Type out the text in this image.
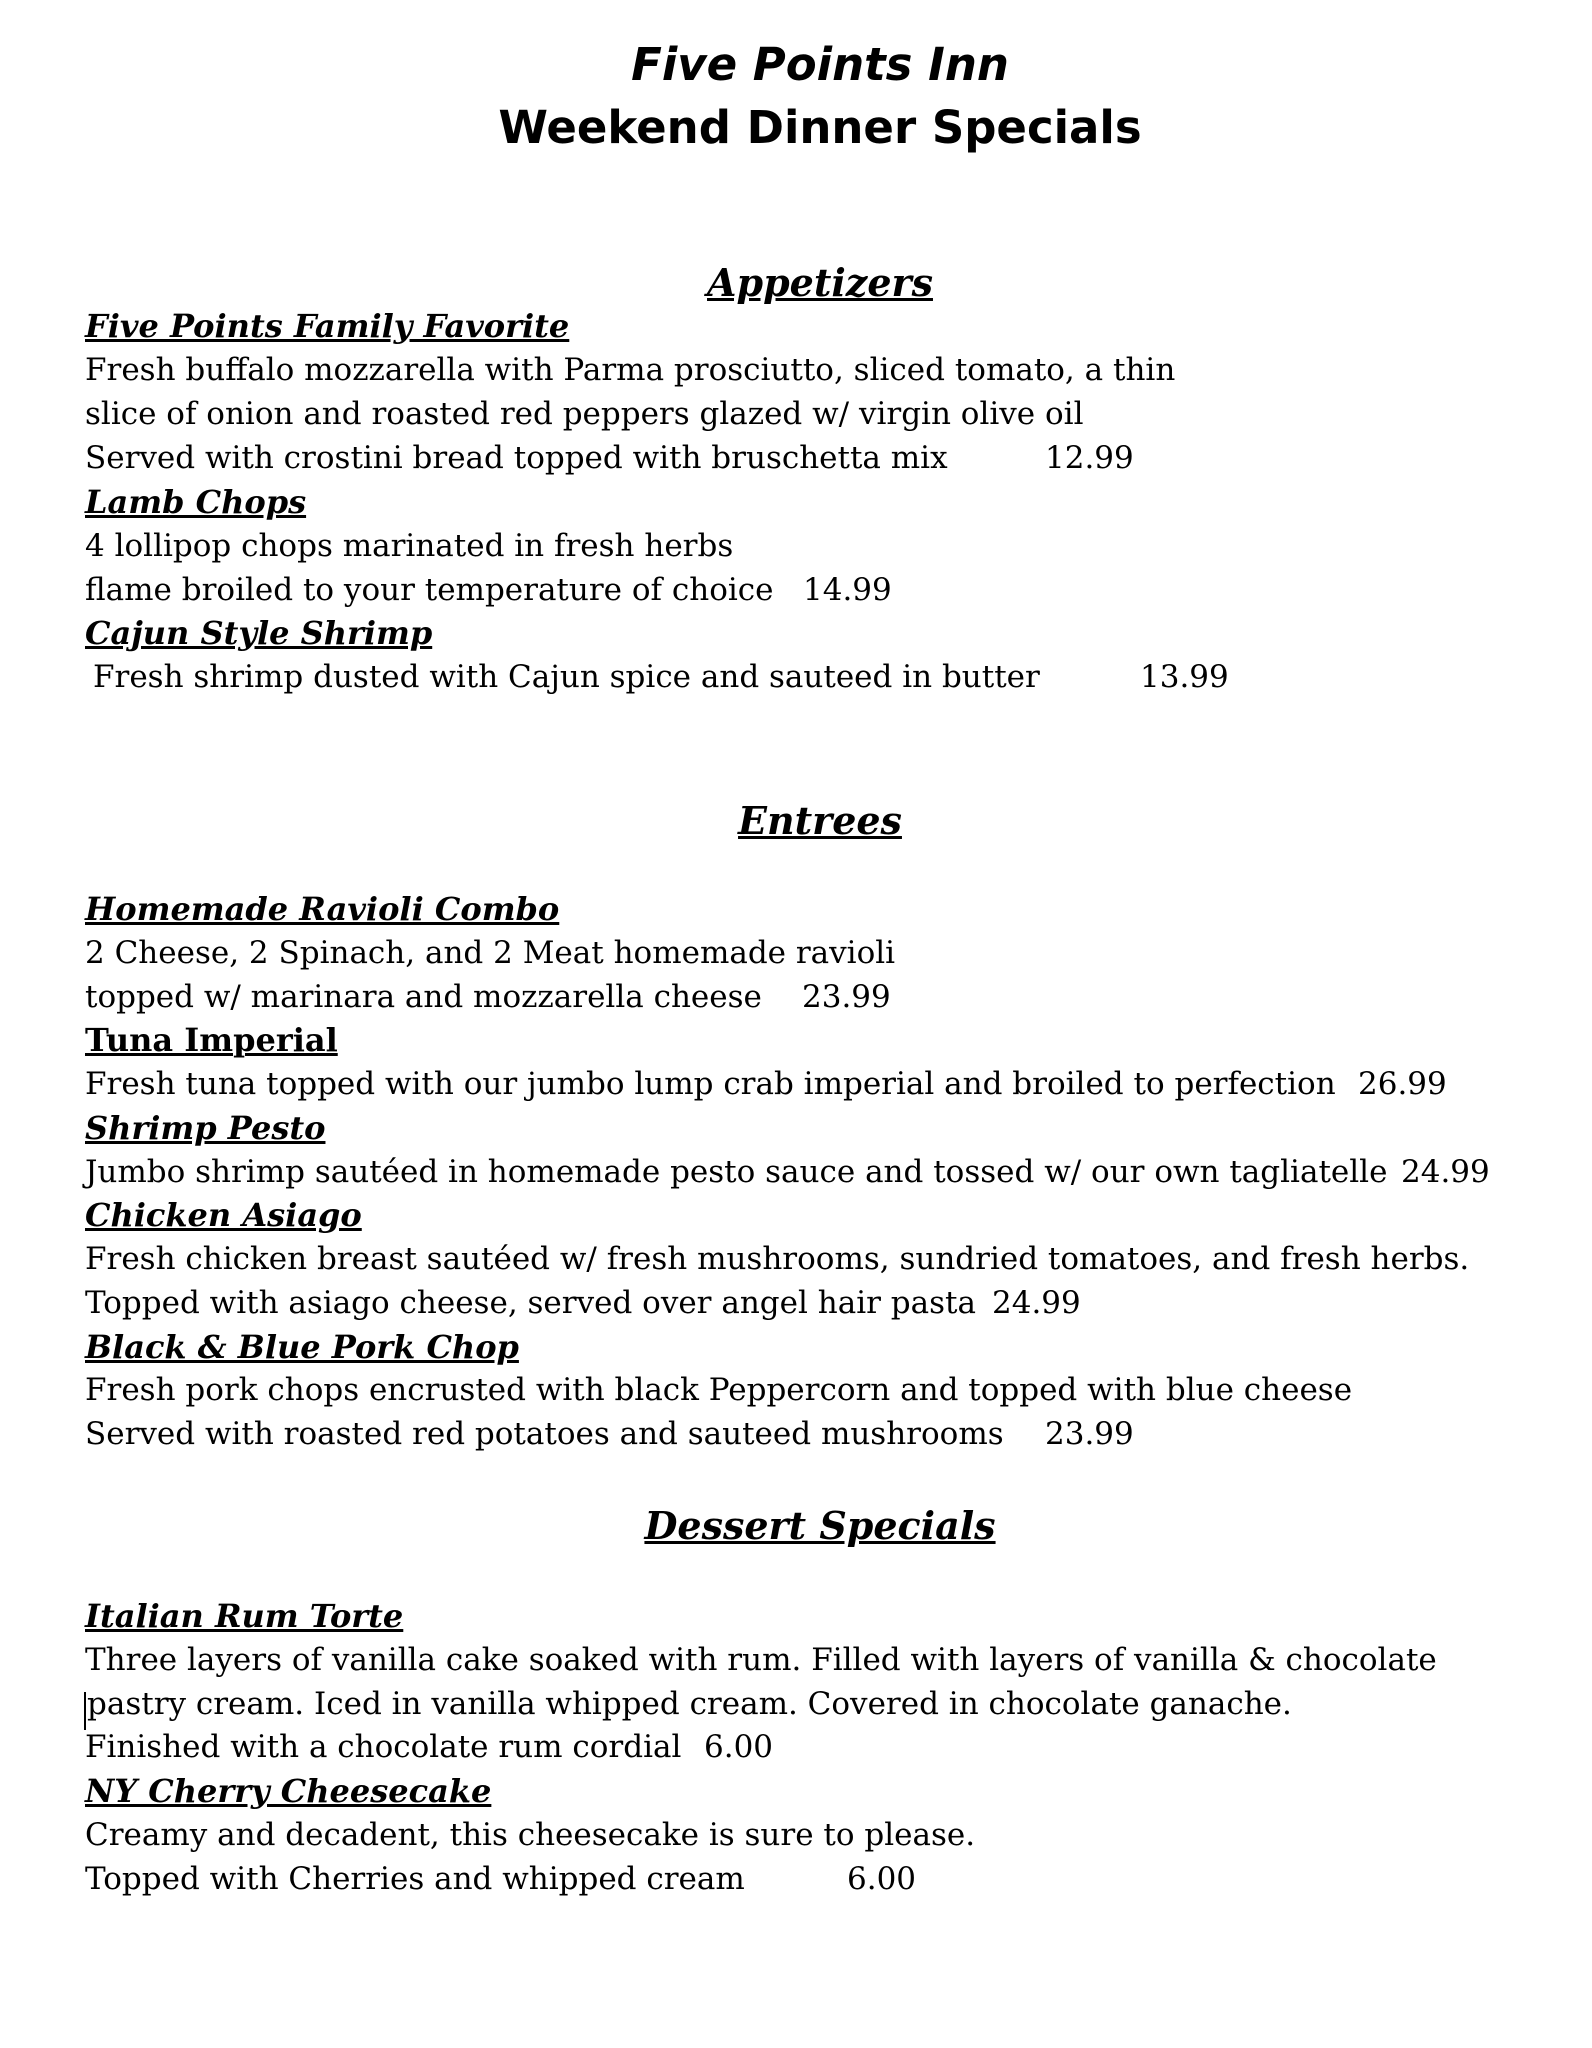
Five Points Inn
Weekend Dinner Specials
Appetizers
Five Points Family Favorite
Fresh buffalo mozzarella with Parma prosciutto, sliced tomato, a thin
slice of onion and roasted red peppers glazed w/ virgin olive oil
Served with crostini bread topped with bruschetta mix	12.99
Lamb Chops
4 lollipop chops marinated in fresh herbs
flame broiled to your temperature of choice 14.99
Cajun Style Shrimp
Fresh shrimp dusted with Cajun spice and sauteed in butter	13.99
Entrees
Homemade Ravioli Combo
2 Cheese, 2 Spinach, and 2 Meat homemade ravioli
topped w/ marinara and mozzarella cheese 23.99
Tuna Imperial
Fresh tuna topped with our jumbo lump crab imperial and broiled to perfection 26.99
Shrimp Pesto
Jumbo shrimp sautéed in homemade pesto sauce and tossed w/ our own tagliatelle 24.99
Chicken Asiago
Fresh chicken breast sautéed w/ fresh mushrooms, sundried tomatoes, and fresh herbs.
Topped with asiago cheese, served over angel hair pasta 24.99
Black & Blue Pork Chop
Fresh pork chops encrusted with black Peppercorn and topped with blue cheese
Served with roasted red potatoes and sauteed mushrooms 23.99
Dessert Specials
Italian Rum Torte
Three layers of vanilla cake soaked with rum. Filled with layers of vanilla & chocolate
pastry cream. Iced in vanilla whipped cream. Covered in chocolate ganache.
Finished with a chocolate rum cordial 6.00
NY Cherry Cheesecake
Creamy and decadent, this cheesecake is sure to please.
Topped with Cherries and whipped cream	6.00
